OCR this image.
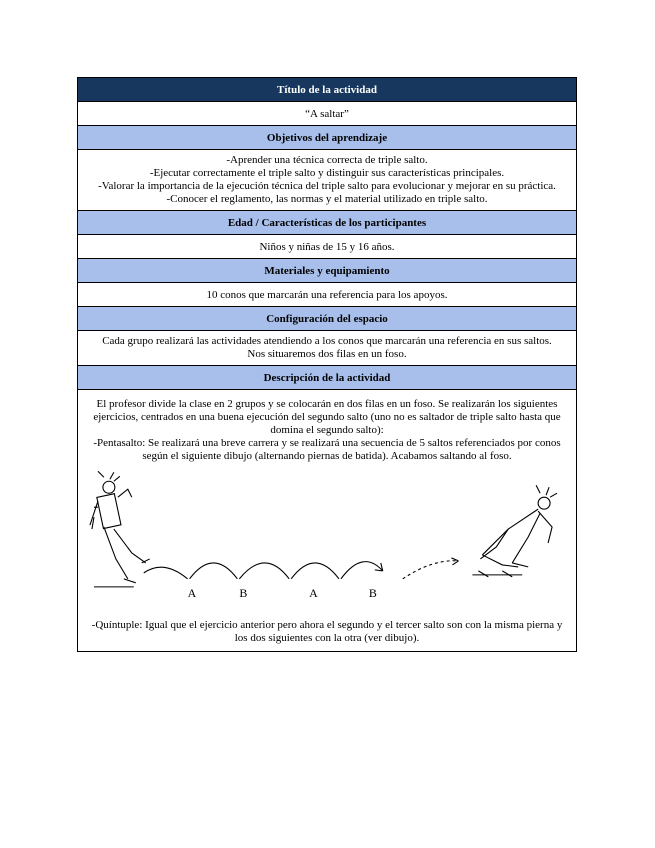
Título de la actividad
“A saltar”
Objetivos del aprendizaje
-Aprender una técnica correcta de triple salto.
-Ejecutar correctamente el triple salto y distinguir sus características principales.
-Valorar la importancia de la ejecución técnica del triple salto para evolucionar y mejorar en su práctica.
-Conocer el reglamento, las normas y el material utilizado en triple salto.
Edad / Características de los participantes
Niños y niñas de 15 y 16 años.
Materiales y equipamiento
10 conos que marcarán una referencia para los apoyos.
Configuración del espacio
Cada grupo realizará las actividades atendiendo a los conos que marcarán una referencia en sus saltos.
Nos situaremos dos filas en un foso.
Descripción de la actividad
El profesor divide la clase en 2 grupos y se colocarán en dos filas en un foso. Se realizarán los siguientes ejercicios, centrados en una buena ejecución del segundo salto (uno no es saltador de triple salto hasta que domina el segundo salto):
-Pentasalto: Se realizará una breve carrera y se realizará una secuencia de 5 saltos referenciados por conos según el siguiente dibujo (alternando piernas de batida). Acabamos saltando al foso.
A	B	A	B
-Quíntuple: Igual que el ejercicio anterior pero ahora el segundo y el tercer salto son con la misma pierna y los dos siguientes con la otra (ver dibujo).
